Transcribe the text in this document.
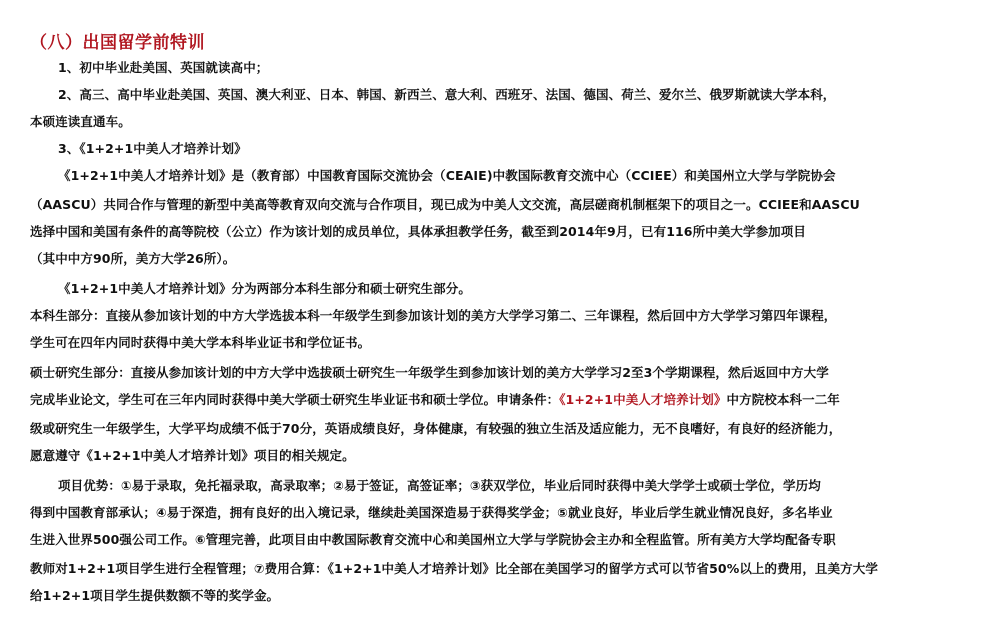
（八）出国留学前特训
1、初中毕业赴美国、英国就读高中；
2、高三、高中毕业赴美国、英国、澳大利亚、日本、韩国、新西兰、意大利、西班牙、法国、德国、荷兰、爱尔兰、俄罗斯就读大学本科，
本硕连读直通车。
3、《1+2+1中美人才培养计划》
《1+2+1中美人才培养计划》是（教育部）中国教育国际交流协会（CEAIE)中教国际教育交流中心（CCIEE）和美国州立大学与学院协会
（AASCU）共同合作与管理的新型中美高等教育双向交流与合作项目，现已成为中美人文交流，高层磋商机制框架下的项目之一。CCIEE和AASCU
选择中国和美国有条件的高等院校（公立）作为该计划的成员单位，具体承担教学任务，截至到2014年9月，已有116所中美大学参加项目
（其中中方90所，美方大学26所）。
《1+2+1中美人才培养计划》分为两部分本科生部分和硕士研究生部分。
本科生部分：直接从参加该计划的中方大学选拔本科一年级学生到参加该计划的美方大学学习第二、三年课程，然后回中方大学学习第四年课程，
学生可在四年内同时获得中美大学本科毕业证书和学位证书。
硕士研究生部分：直接从参加该计划的中方大学中选拔硕士研究生一年级学生到参加该计划的美方大学学习2至3个学期课程，然后返回中方大学
完成毕业论文，学生可在三年内同时获得中美大学硕士研究生毕业证书和硕士学位。申请条件：《1+2+1中美人才培养计划》中方院校本科一二年
级或研究生一年级学生，大学平均成绩不低于70分，英语成绩良好，身体健康，有较强的独立生活及适应能力，无不良嗜好，有良好的经济能力，
愿意遵守《1+2+1中美人才培养计划》项目的相关规定。
项目优势：①易于录取，免托福录取，高录取率；②易于签证，高签证率；③获双学位，毕业后同时获得中美大学学士或硕士学位，学历均
得到中国教育部承认；④易于深造，拥有良好的出入境记录，继续赴美国深造易于获得奖学金；⑤就业良好，毕业后学生就业情况良好，多名毕业
生进入世界500强公司工作。⑥管理完善，此项目由中教国际教育交流中心和美国州立大学与学院协会主办和全程监管。所有美方大学均配备专职
教师对1+2+1项目学生进行全程管理；⑦费用合算：《1+2+1中美人才培养计划》比全部在美国学习的留学方式可以节省50%以上的费用，且美方大学
给1+2+1项目学生提供数额不等的奖学金。
